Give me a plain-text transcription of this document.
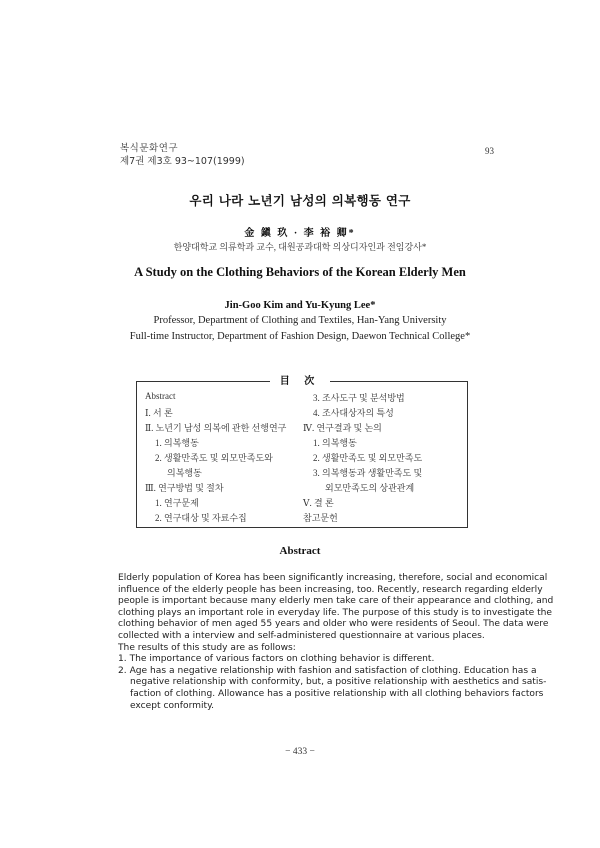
복식문화연구
제7권 제3호 93~107(1999)
93
우리 나라 노년기 남성의 의복행동 연구
金 鎭 玖 · 李 裕 卿*
한양대학교 의류학과 교수, 대원공과대학 의상디자인과 전임강사*
A Study on the Clothing Behaviors of the Korean Elderly Men
Jin-Goo Kim and Yu-Kyung Lee*
Professor, Department of Clothing and Textiles, Han-Yang University
Full-time Instructor, Department of Fashion Design, Daewon Technical College*
Abstract
Ⅰ. 서 론
Ⅱ. 노년기 남성 의복에 관한 선행연구
1. 의복행동
2. 생활만족도 및 외모만족도와
의복행동
Ⅲ. 연구방법 및 절차
1. 연구문제
2. 연구대상 및 자료수집
3. 조사도구 및 분석방법
4. 조사대상자의 특성
Ⅳ. 연구결과 및 논의
1. 의복행동
2. 생활만족도 및 외모만족도
3. 의복행동과 생활만족도 및
외모만족도의 상관관계
Ⅴ. 결 론
참고문헌
目 次
Abstract
Elderly population of Korea has been significantly increasing, therefore, social and economical
influence of the elderly people has been increasing, too. Recently, research regarding elderly
people is important because many elderly men take care of their appearance and clothing, and
clothing plays an important role in everyday life. The purpose of this study is to investigate the
clothing behavior of men aged 55 years and older who were residents of Seoul. The data were
collected with a interview and self-administered questionnaire at various places.
The results of this study are as follows:
1. The importance of various factors on clothing behavior is different.
2. Age has a negative relationship with fashion and satisfaction of clothing. Education has a
negative relationship with conformity, but, a positive relationship with aesthetics and satis-
faction of clothing. Allowance has a positive relationship with all clothing behaviors factors
except conformity.
− 433 −
